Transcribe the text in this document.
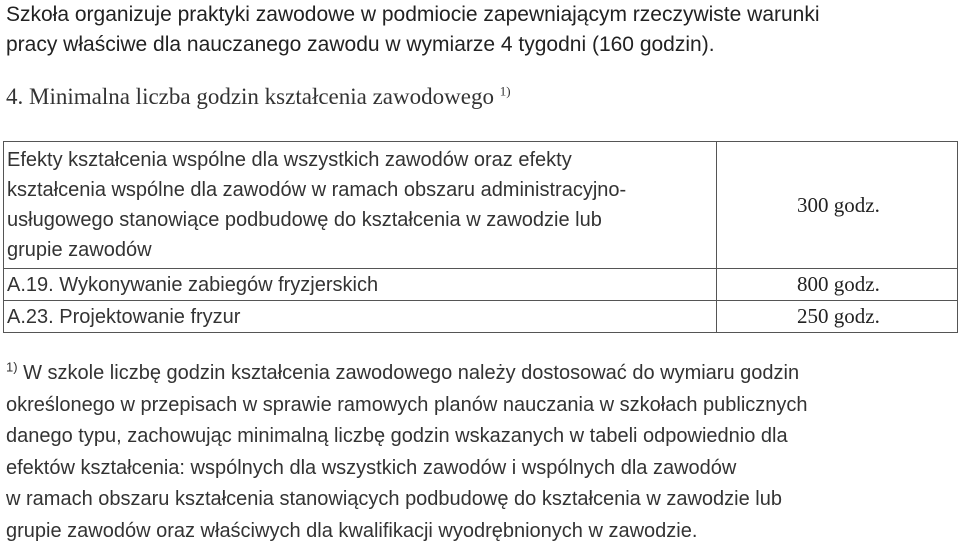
Szkoła organizuje praktyki zawodowe w podmiocie zapewniającym rzeczywiste warunki
pracy właściwe dla nauczanego zawodu w wymiarze 4 tygodni (160 godzin).
4. Minimalna liczba godzin kształcenia zawodowego $^{1)}$
Efekty kształcenia wspólne dla wszystkich zawodów oraz efekty
kształcenia wspólne dla zawodów w ramach obszaru administracyjno-
usługowego stanowiące podbudowę do kształcenia w zawodzie lub
grupie zawodów	300 godz.
A.19. Wykonywanie zabiegów fryzjerskich	800 godz.
A.23. Projektowanie fryzur	250 godz.
$^{1)}$ W szkole liczbę godzin kształcenia zawodowego należy dostosować do wymiaru godzin
określonego w przepisach w sprawie ramowych planów nauczania w szkołach publicznych
danego typu, zachowując minimalną liczbę godzin wskazanych w tabeli odpowiednio dla
efektów kształcenia: wspólnych dla wszystkich zawodów i wspólnych dla zawodów
w ramach obszaru kształcenia stanowiących podbudowę do kształcenia w zawodzie lub
grupie zawodów oraz właściwych dla kwalifikacji wyodrębnionych w zawodzie.
